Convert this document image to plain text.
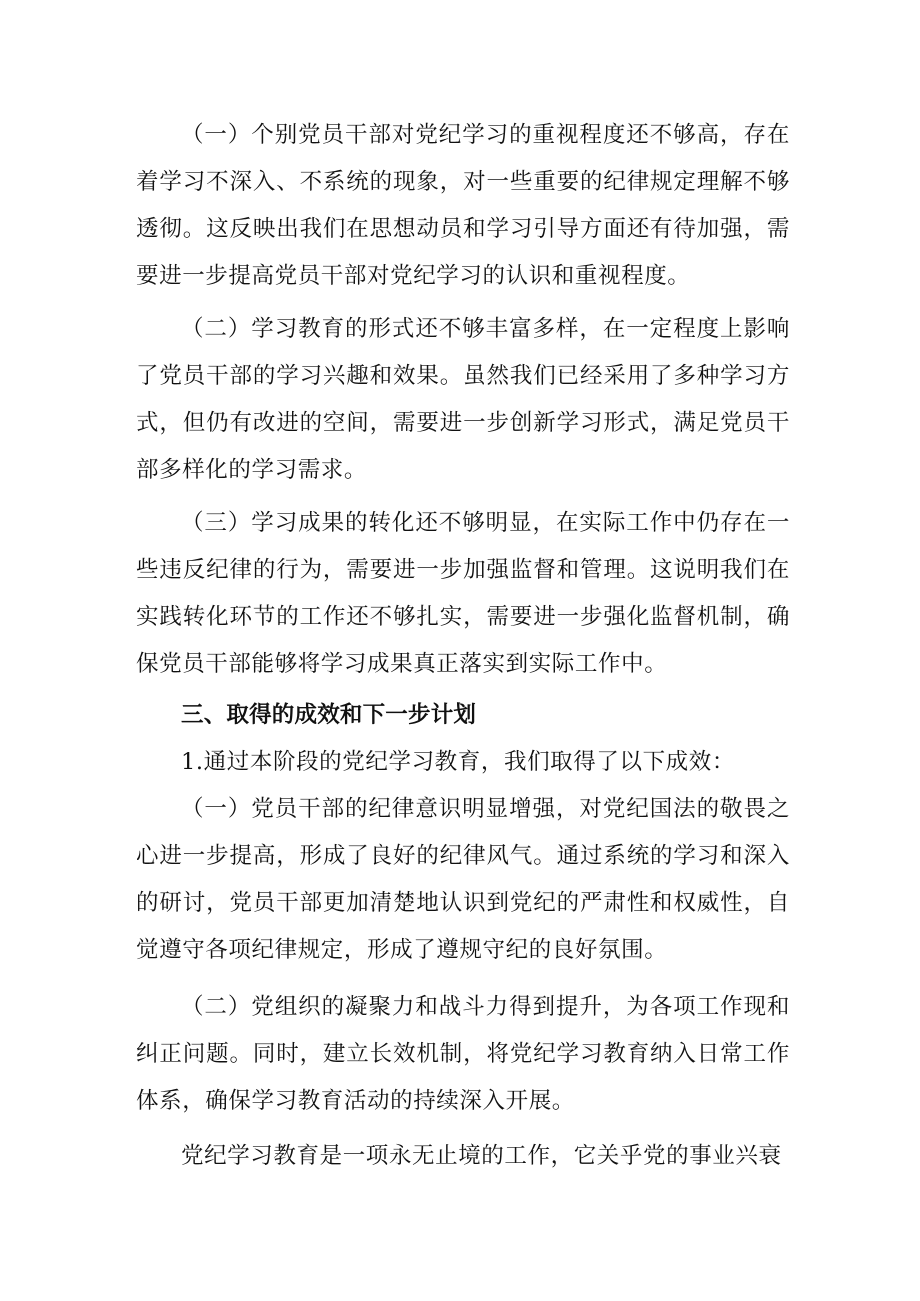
（一）个别党员干部对党纪学习的重视程度还不够高，存在着学习不深入、不系统的现象，对一些重要的纪律规定理解不够透彻。这反映出我们在思想动员和学习引导方面还有待加强，需要进一步提高党员干部对党纪学习的认识和重视程度。

（二）学习教育的形式还不够丰富多样，在一定程度上影响了党员干部的学习兴趣和效果。虽然我们已经采用了多种学习方式，但仍有改进的空间，需要进一步创新学习形式，满足党员干部多样化的学习需求。

（三）学习成果的转化还不够明显，在实际工作中仍存在一些违反纪律的行为，需要进一步加强监督和管理。这说明我们在实践转化环节的工作还不够扎实，需要进一步强化监督机制，确保党员干部能够将学习成果真正落实到实际工作中。

三、取得的成效和下一步计划

1.通过本阶段的党纪学习教育，我们取得了以下成效：

（一）党员干部的纪律意识明显增强，对党纪国法的敬畏之心进一步提高，形成了良好的纪律风气。通过系统的学习和深入的研讨，党员干部更加清楚地认识到党纪的严肃性和权威性，自觉遵守各项纪律规定，形成了遵规守纪的良好氛围。

（二）党组织的凝聚力和战斗力得到提升，为各项工作现和纠正问题。同时，建立长效机制，将党纪学习教育纳入日常工作体系，确保学习教育活动的持续深入开展。

党纪学习教育是一项永无止境的工作，它关乎党的事业兴衰
